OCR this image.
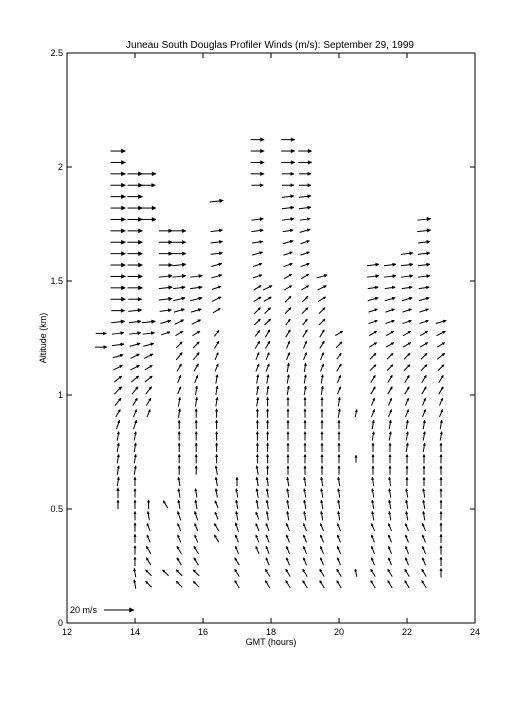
Juneau South Douglas Profiler Winds (m/s): September 29, 1999
12	14	16	18	20	22	24
0
0.5
1
1.5
2
2.5
20 m/s
GMT (hours)
Altitude (km)
